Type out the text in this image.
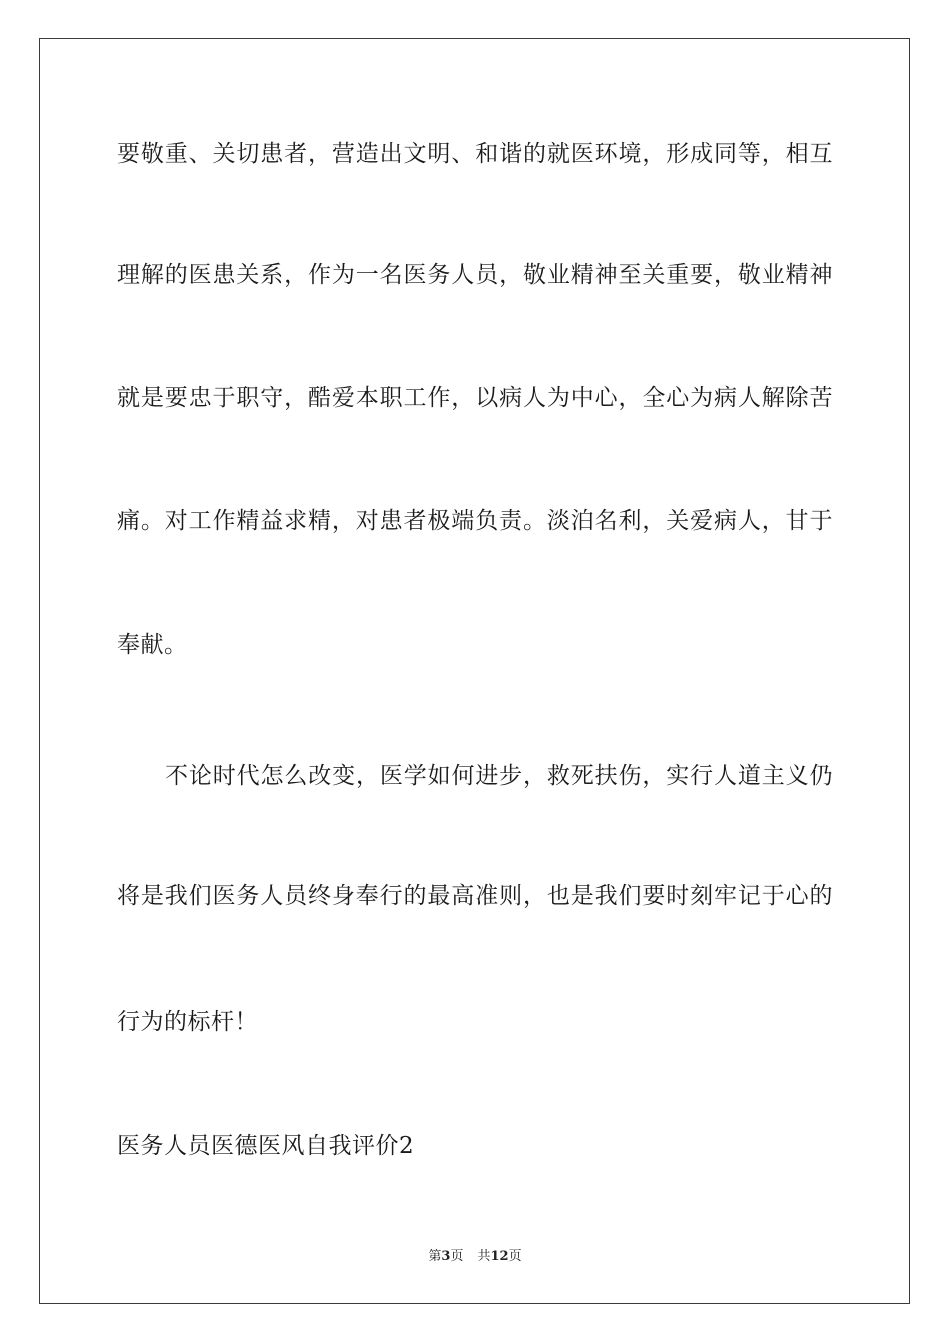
要敬重、关切患者，营造出文明、和谐的就医环境，形成同等，相互
理解的医患关系，作为一名医务人员，敬业精神至关重要，敬业精神
就是要忠于职守，酷爱本职工作，以病人为中心，全心为病人解除苦
痛。对工作精益求精，对患者极端负责。淡泊名利，关爱病人，甘于
奉献。
不论时代怎么改变，医学如何进步，救死扶伤，实行人道主义仍
将是我们医务人员终身奉行的最高准则，也是我们要时刻牢记于心的
行为的标杆！
医务人员医德医风自我评价2
第3页 共12页
